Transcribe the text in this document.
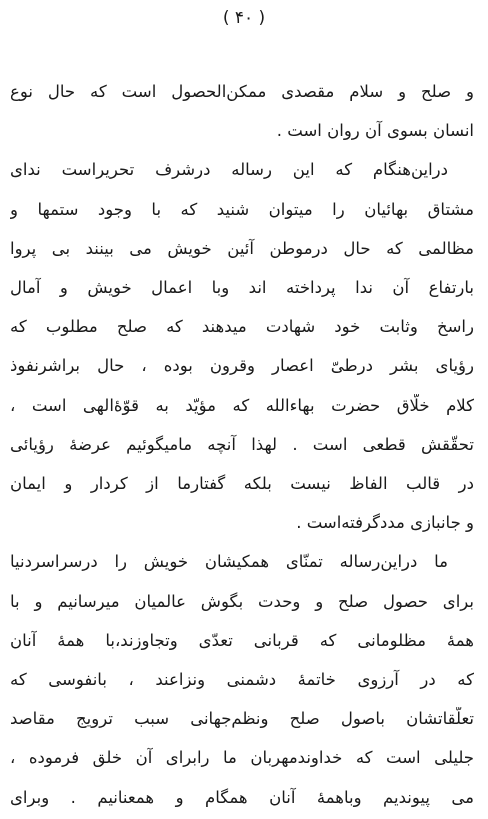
( ۴۰ )
و صلح و سلام مقصدی ممکن‌الحصول است که حال نوع
انسان بسوی آن روان است .
دراین‌هنگام که این رساله درشرف تحریراست ندای
مشتاق بهائیان را میتوان شنید که با وجود ستمها و
مظالمی که حال درموطن آئین خویش می بینند بی پروا
بارتفاع آن ندا پرداخته اند وبا اعمال خویش و آمال
راسخ وثابت خود شهادت میدهند که صلح مطلوب که
رؤیای بشر درطیّ اعصار وقرون بوده ، حال براشرنفوذ
کلام خلّاق حضرت بهاءالله که مؤیّد به قوّهٔ‌الهی است ،
تحقّقش قطعی است . لهذا آنچه مامیگوئیم عرضهٔ رؤیائی
در قالب الفاظ نیست بلکه گفتارما از کردار و ایمان
و جانبازی مددگرفته‌است .
ما دراین‌رساله تمنّای همکیشان خویش را درسراسردنیا
برای حصول صلح و وحدت بگوش عالمیان میرسانیم و با
همهٔ مظلومانی که قربانی تعدّی وتجاوزند،با همهٔ آنان
که در آرزوی خاتمهٔ دشمنی ونزاعند ، بانفوسی که
تعلّقاتشان باصول صلح ونظم‌جهانی سبب ترویج مقاصد
جلیلی است که خداوندمهربان ما رابرای آن خلق فرموده ،
می پیوندیم وباهمهٔ آنان همگام و همعنانیم . وبرای
